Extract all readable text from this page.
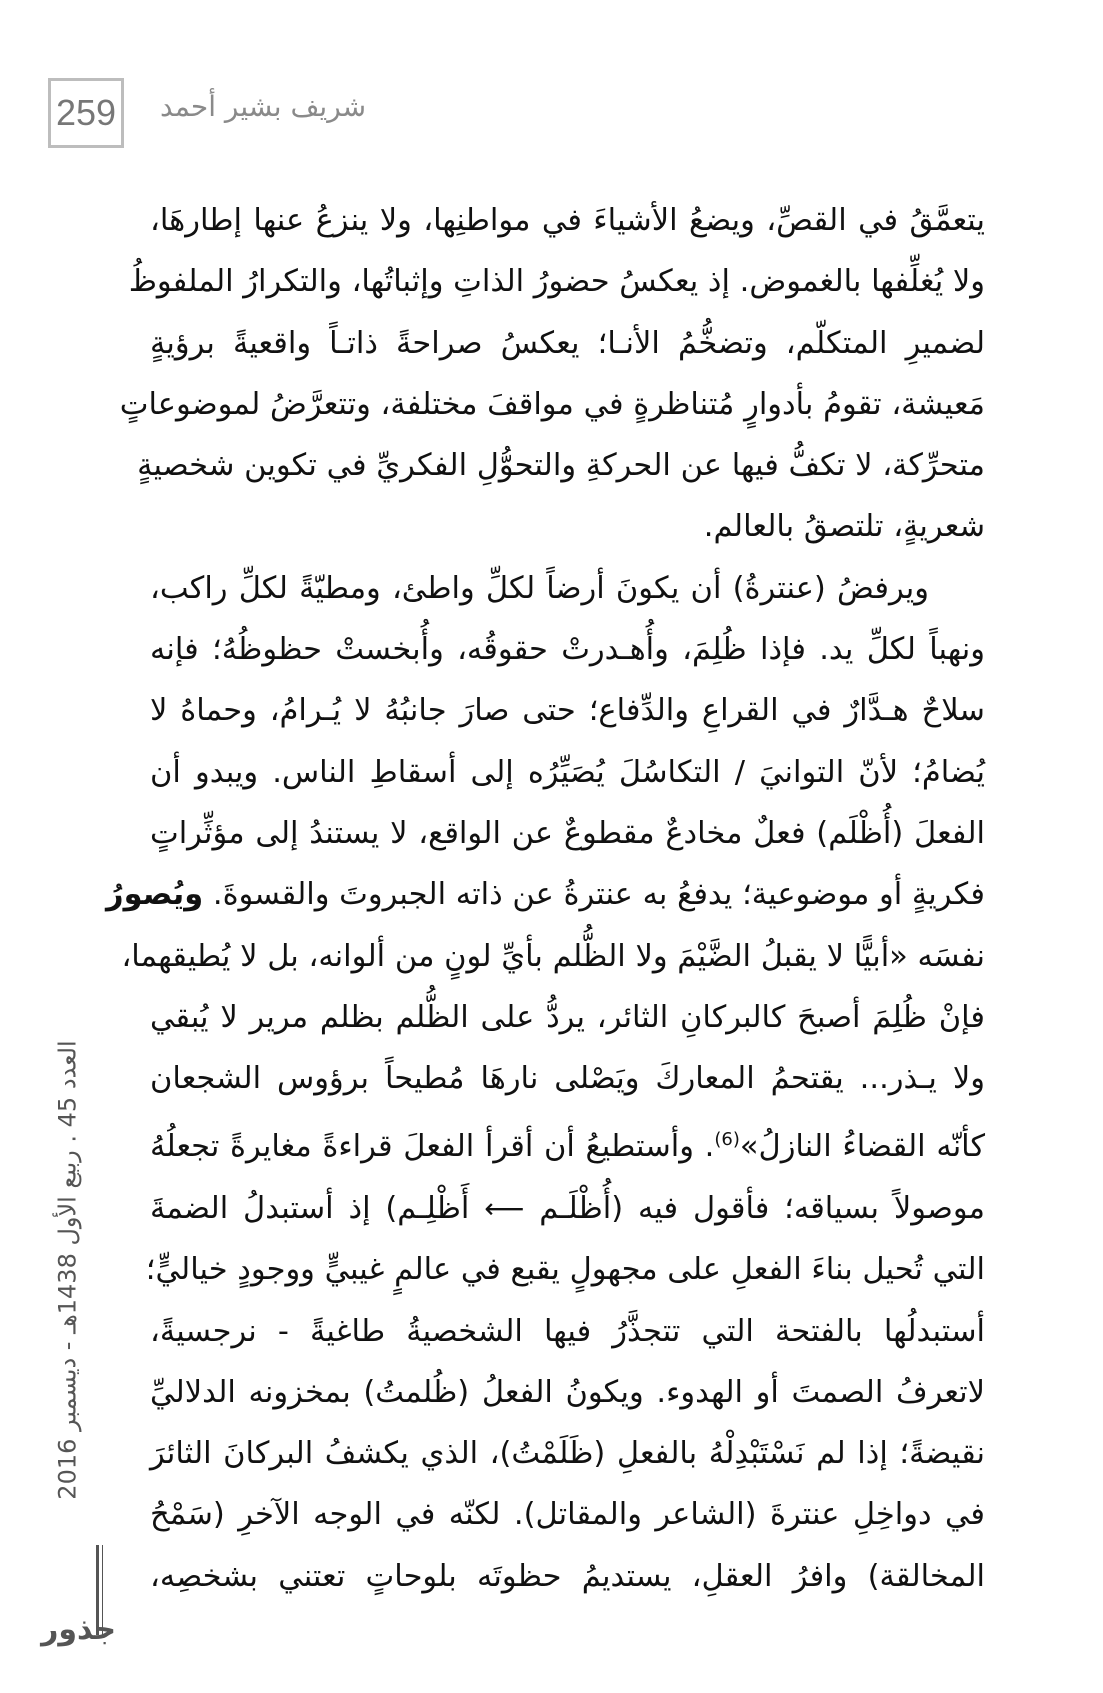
259 شريف بشير أحمد

يتعمَّقُ في القصِّ، ويضعُ الأشياءَ في مواطنِها، ولا ينزعُ عنها إطارهَا،
ولا يُغلِّفها بالغموض. إذ يعكسُ حضورُ الذاتِ وإثباتُها، والتكرارُ الملفوظُ
لضميرِ المتكلّم، وتضخُّمُ الأنـا؛ يعكسُ صراحةً ذاتـاً واقعيةً برؤيةٍ
مَعيشة، تقومُ بأدوارٍ مُتناظرةٍ في مواقفَ مختلفة، وتتعرَّضُ لموضوعاتٍ
متحرِّكة، لا تكفُّ فيها عن الحركةِ والتحوُّلِ الفكريِّ في تكوين شخصيةٍ
شعريةٍ، تلتصقُ بالعالم.

ويرفضُ (عنترةُ) أن يكونَ أرضاً لكلِّ واطئ، ومطيّةً لكلِّ راكب،
ونهباً لكلِّ يد. فإذا ظُلِمَ، وأُهـدرتْ حقوقُه، وأُبخستْ حظوظُهُ؛ فإنه
سلاحٌ هـدَّارٌ في القراعِ والدِّفاع؛ حتى صارَ جانبُهُ لا يُـرامُ، وحماهُ لا
يُضامُ؛ لأنّ التوانيَ / التكاسُلَ يُصَيِّرُه إلى أسقاطِ الناس. ويبدو أن
الفعلَ (أُظْلَم) فعلٌ مخادعٌ مقطوعٌ عن الواقع، لا يستندُ إلى مؤثِّراتٍ
فكريةٍ أو موضوعية؛ يدفعُ به عنترةُ عن ذاته الجبروتَ والقسوةَ. ويُصورُ
نفسَه «أبيًّا لا يقبلُ الضَّيْمَ ولا الظُّلم بأيِّ لونٍ من ألوانه، بل لا يُطيقهما،
فإنْ ظُلِمَ أصبحَ كالبركانِ الثائر، يردُّ على الظُّلم بظلم مرير لا يُبقي
ولا يـذر... يقتحمُ المعاركَ ويَصْلى نارهَا مُطيحاً برؤوس الشجعان
كأنّه القضاءُ النازلُ»$^{(6)}$. وأستطيعُ أن أقرأ الفعلَ قراءةً مغايرةً تجعلُهُ
موصولاً بسياقه؛ فأقول فيه (أُظْلَـم ⟵ أَظْلِـم) إذ أستبدلُ الضمةَ
التي تُحيل بناءَ الفعلِ على مجهولٍ يقبع في عالمٍ غيبيٍّ ووجودٍ خياليٍّ؛
أستبدلُها بالفتحة التي تتجذَّرُ فيها الشخصيةُ طاغيةً - نرجسيةً،
لاتعرفُ الصمتَ أو الهدوء. ويكونُ الفعلُ (ظُلمتُ) بمخزونه الدلاليِّ
نقيضةً؛ إذا لم نَسْتَبْدِلْهُ بالفعلِ (ظَلَمْتُ)، الذي يكشفُ البركانَ الثائرَ
في دواخِلِ عنترةَ (الشاعر والمقاتل). لكنّه في الوجه الآخرِ (سَمْحُ
المخالقة) وافرُ العقلِ، يستديمُ حظوتَه بلوحاتٍ تعتني بشخصِه،

العدد 45 . ربيع الأول 1438هـ - ديسمبر 2016
جذور
